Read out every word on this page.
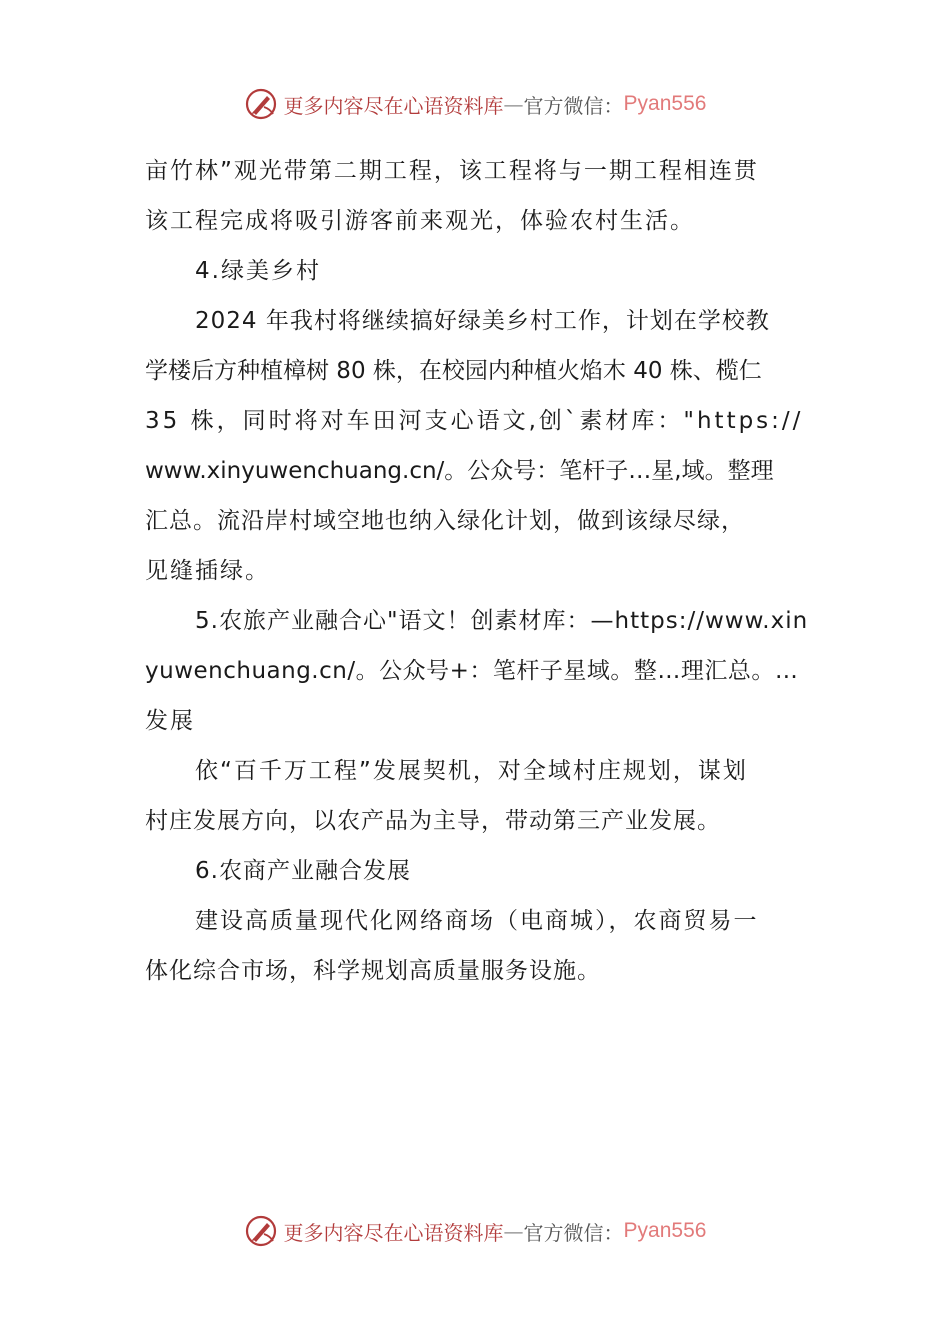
更多内容尽在心语资料库 — 官方微信： Pyan556
亩竹林”观光带第二期工程，该工程将与一期工程相连贯
该工程完成将吸引游客前来观光，体验农村生活。
4.绿美乡村
2024 年我村将继续搞好绿美乡村工作，计划在学校教
学楼后方种植樟树 80 株，在校园内种植火焰木 40 株、榄仁
35 株，同时将对车田河支心语文,创`素材库："https://
www.xinyuwenchuang.cn/。公众号：笔杆子…星,域。整理
汇总。流沿岸村域空地也纳入绿化计划，做到该绿尽绿，
见缝插绿。
5.农旅产业融合心"语文！创素材库：—https://www.xin
yuwenchuang.cn/。公众号+：笔杆子星域。整…理汇总。…
发展
依“百千万工程”发展契机，对全域村庄规划，谋划
村庄发展方向，以农产品为主导，带动第三产业发展。
6.农商产业融合发展
建设高质量现代化网络商场（电商城），农商贸易一
体化综合市场，科学规划高质量服务设施。
更多内容尽在心语资料库 — 官方微信： Pyan556
